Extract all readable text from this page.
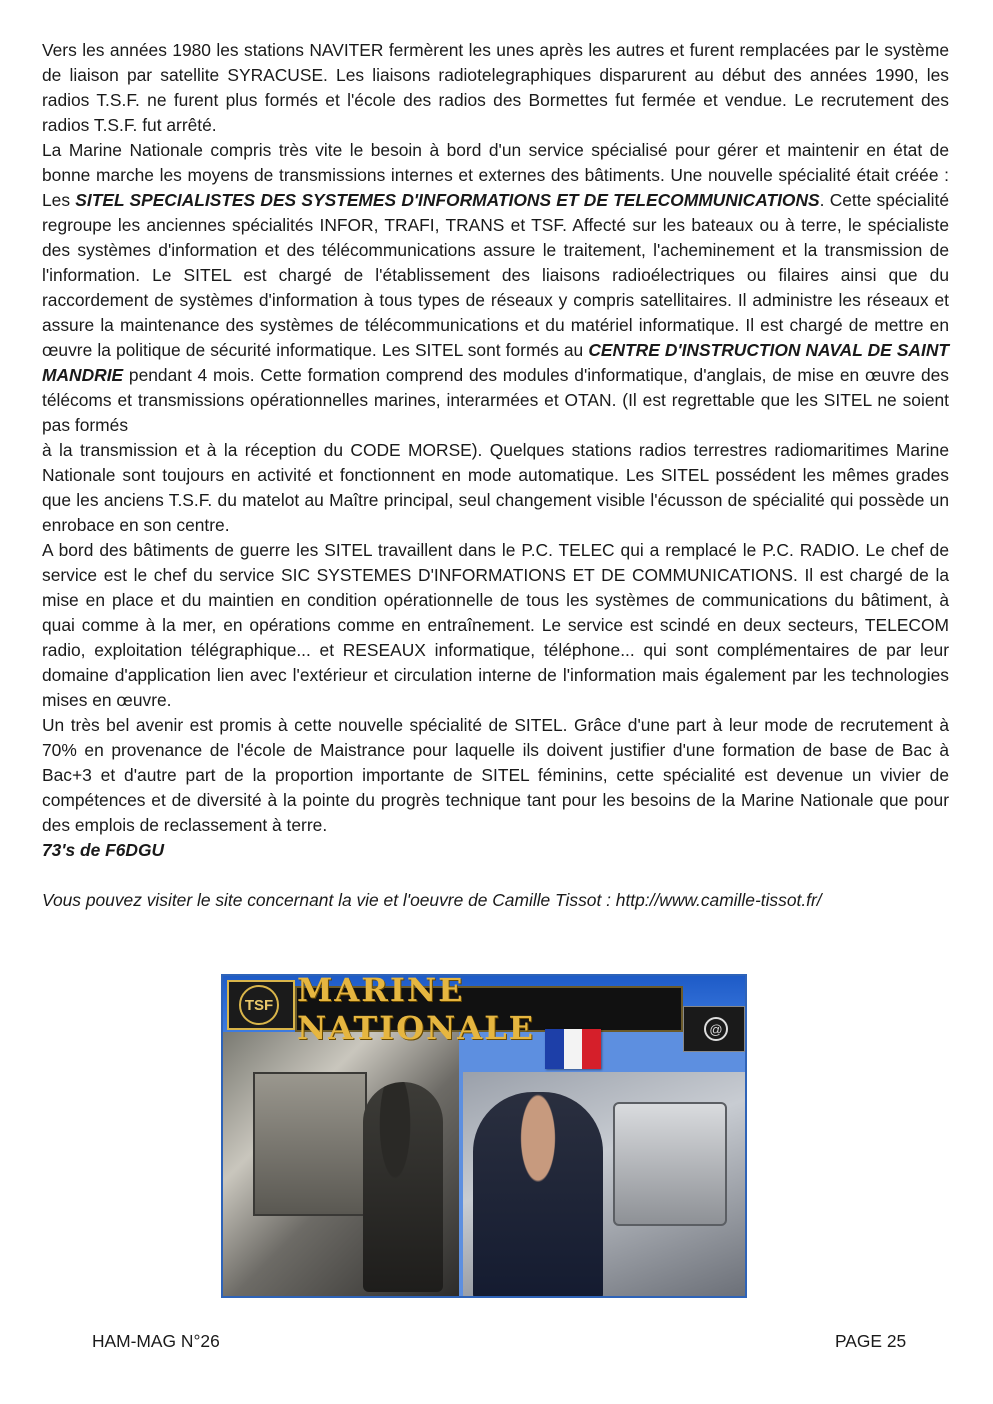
Vers les années 1980 les stations NAVITER fermèrent les unes après les autres et furent remplacées par le système de liaison par satellite SYRACUSE. Les liaisons radiotelegraphiques disparurent au début des années 1990, les radios T.S.F. ne furent plus formés et l'école des radios des Bormettes fut fermée et vendue. Le recrutement des radios T.S.F. fut arrêté.

La Marine Nationale compris très vite le besoin à bord d'un service spécialisé pour gérer et maintenir en état de bonne marche les moyens de transmissions internes et externes des bâtiments. Une nouvelle spécialité était créée : Les SITEL SPECIALISTES DES SYSTEMES D'INFORMATIONS ET DE TELECOMMUNICATIONS. Cette spécialité regroupe les anciennes spécialités INFOR, TRAFI, TRANS et TSF. Affecté sur les bateaux ou à terre, le spécialiste des systèmes d'information et des télécommunications assure le traitement, l'acheminement et la transmission de l'information. Le SITEL est chargé de l'établissement des liaisons radioélectriques ou filaires ainsi que du raccordement de systèmes d'information à tous types de réseaux y compris satellitaires. Il administre les réseaux et assure la maintenance des systèmes de télécommunications et du matériel informatique. Il est chargé de mettre en œuvre la politique de sécurité informatique. Les SITEL sont formés au CENTRE D'INSTRUCTION NAVAL DE SAINT MANDRIE pendant 4 mois. Cette formation comprend des modules d'informatique, d'anglais, de mise en œuvre des télécoms et transmissions opérationnelles marines, interarmées et OTAN. (Il est regrettable que les SITEL ne soient pas formés

à la transmission et à la réception du CODE MORSE). Quelques stations radios terrestres radiomaritimes Marine Nationale sont toujours en activité et fonctionnent en mode automatique. Les SITEL possédent les mêmes grades que les anciens T.S.F. du matelot au Maître principal, seul changement visible l'écusson de spécialité qui possède un enrobace en son centre.

A bord des bâtiments de guerre les SITEL travaillent dans le P.C. TELEC qui a remplacé le P.C. RADIO. Le chef de service est le chef du service SIC SYSTEMES D'INFORMATIONS ET DE COMMUNICATIONS. Il est chargé de la mise en place et du maintien en condition opérationnelle de tous les systèmes de communications du bâtiment, à quai comme à la mer, en opérations comme en entraînement. Le service est scindé en deux secteurs, TELECOM radio, exploitation télégraphique... et RESEAUX informatique, téléphone... qui sont complémentaires de par leur domaine d'application lien avec l'extérieur et circulation interne de l'information mais également par les technologies mises en œuvre.

Un très bel avenir est promis à cette nouvelle spécialité de SITEL. Grâce d'une part à leur mode de recrutement à 70% en provenance de l'école de Maistrance pour laquelle ils doivent justifier d'une formation de base de Bac à Bac+3 et d'autre part de la proportion importante de SITEL féminins, cette spécialité est devenue un vivier de compétences et de diversité à la pointe du progrès technique tant pour les besoins de la Marine Nationale que pour des emplois de reclassement à terre.

73's de F6DGU

Vous pouvez visiter le site concernant la vie et l'oeuvre de Camille Tissot : http://www.camille-tissot.fr/

TSF MARINE NATIONALE	@
HAM-MAG N°26	PAGE 25
